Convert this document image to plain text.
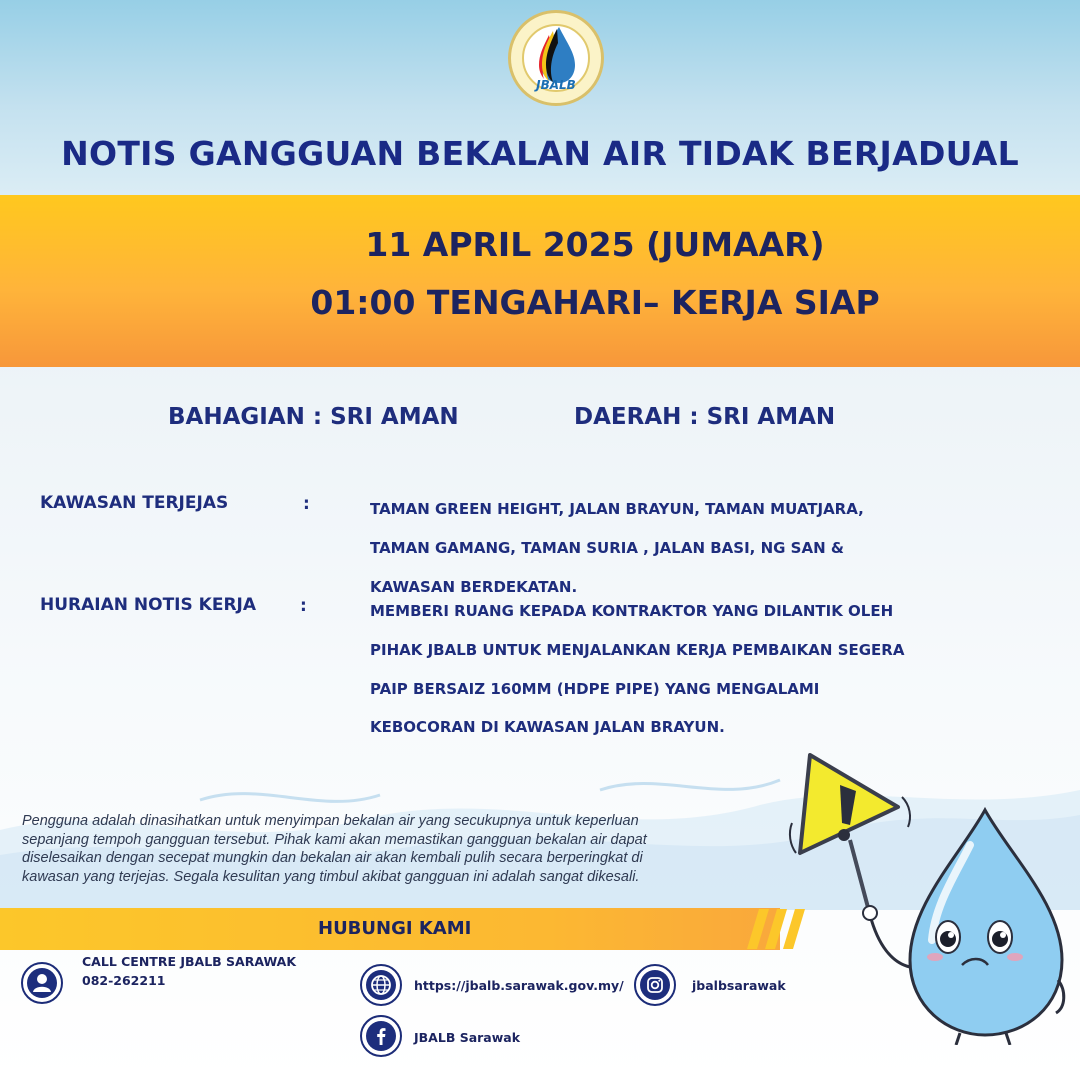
JBALB
NOTIS GANGGUAN BEKALAN AIR TIDAK BERJADUAL
11 APRIL 2025 (JUMAAR)
01:00 TENGAHARI– KERJA SIAP
BAHAGIAN : SRI AMAN	DAERAH : SRI AMAN
KAWASAN TERJEJAS	:	TAMAN GREEN HEIGHT, JALAN BRAYUN, TAMAN MUATJARA,
TAMAN GAMANG, TAMAN SURIA , JALAN BASI, NG SAN &
KAWASAN BERDEKATAN.
HURAIAN NOTIS KERJA	:	MEMBERI RUANG KEPADA KONTRAKTOR YANG DILANTIK OLEH
PIHAK JBALB UNTUK MENJALANKAN KERJA PEMBAIKAN SEGERA
PAIP BERSAIZ 160MM (HDPE PIPE) YANG MENGALAMI
KEBOCORAN DI KAWASAN JALAN BRAYUN.
Pengguna adalah dinasihatkan untuk menyimpan bekalan air yang secukupnya untuk keperluan
sepanjang tempoh gangguan tersebut. Pihak kami akan memastikan gangguan bekalan air dapat
diselesaikan dengan secepat mungkin dan bekalan air akan kembali pulih secara berperingkat di
kawasan yang terjejas. Segala kesulitan yang timbul akibat gangguan ini adalah sangat dikesali.
HUBUNGI KAMI
CALL CENTRE JBALB SARAWAK
082-262211	https://jbalb.sarawak.gov.my/	jbalbsarawak
JBALB Sarawak
